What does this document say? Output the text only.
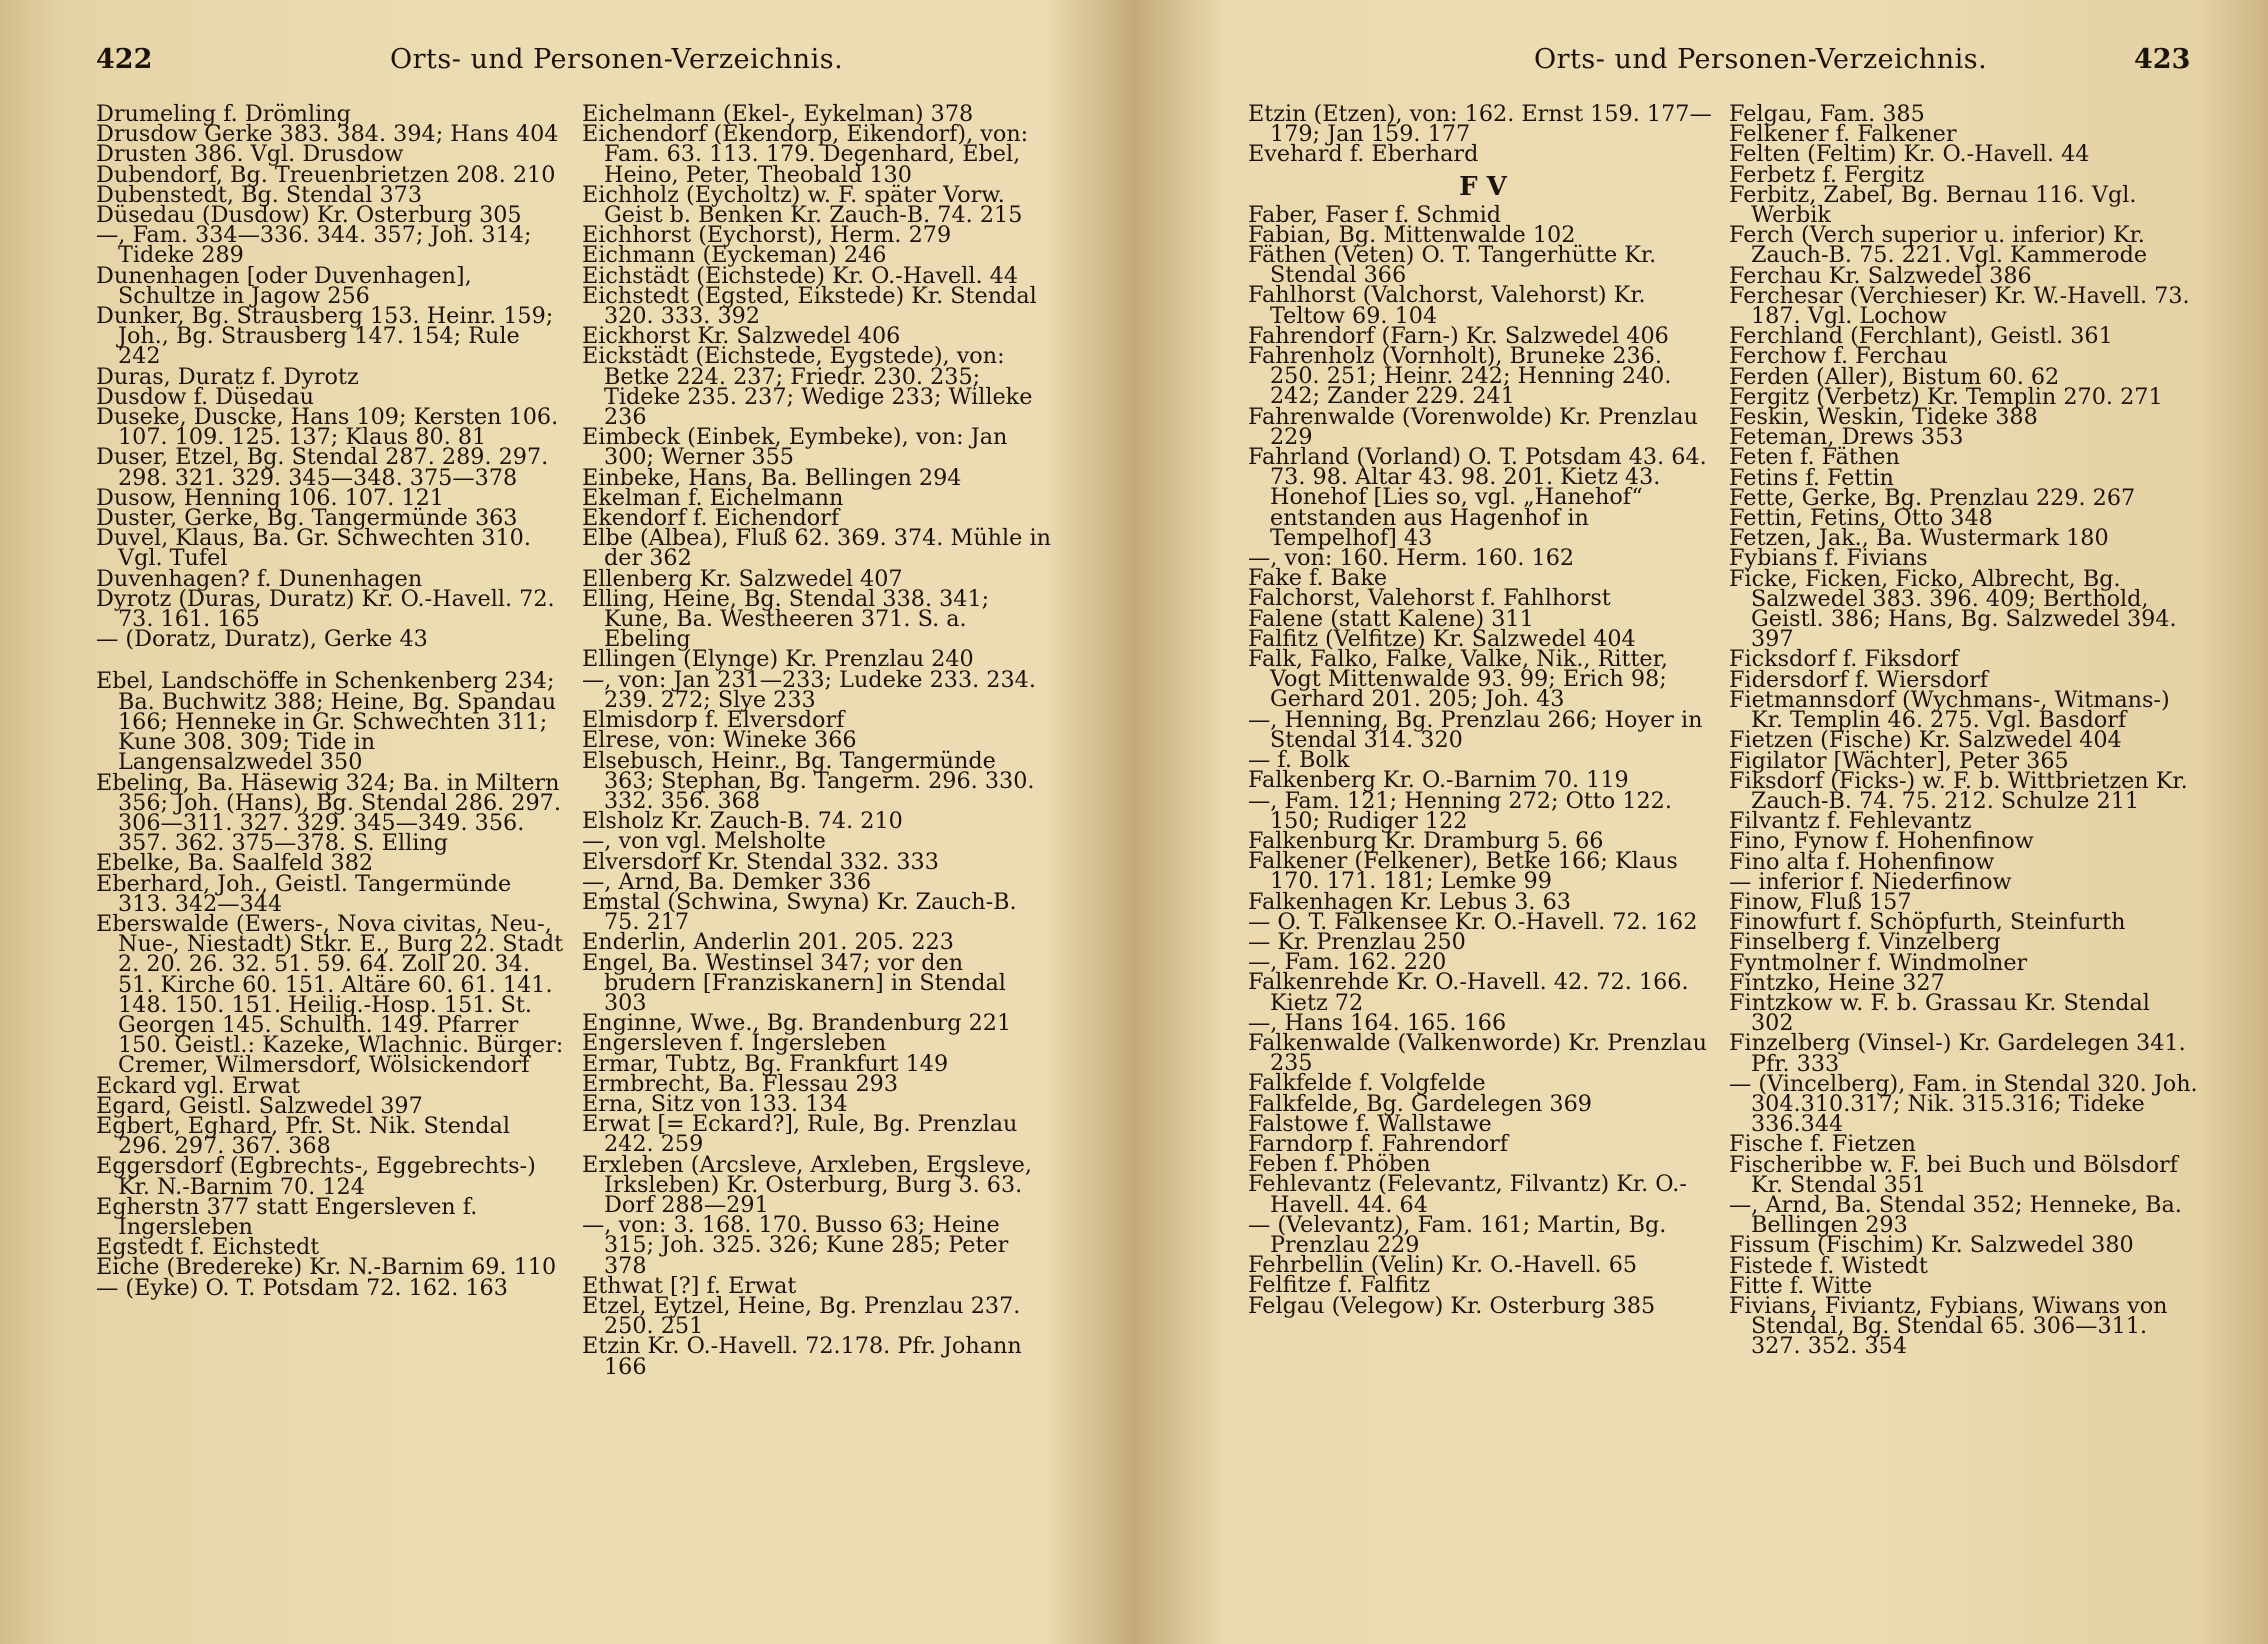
422	Orts- und Personen-Verzeichnis.

Drumeling f. Drömling

Drusdow Gerke 383. 384. 394; Hans 404

Drusten 386. Vgl. Drusdow

Dubendorf, Bg. Treuenbrietzen 208. 210

Dubenstedt, Bg. Stendal 373

Düsedau (Dusdow) Kr. Osterburg 305

—, Fam. 334—336. 344. 357; Joh. 314; Tideke 289

Dunenhagen [oder Duvenhagen], Schultze in Jagow 256

Dunker, Bg. Strausberg 153. Heinr. 159; Joh., Bg. Strausberg 147. 154; Rule 242

Duras, Duratz f. Dyrotz

Dusdow f. Düsedau

Duseke, Duscke, Hans 109; Kersten 106. 107. 109. 125. 137; Klaus 80. 81

Duser, Etzel, Bg. Stendal 287. 289. 297. 298. 321. 329. 345—348. 375—378

Dusow, Henning 106. 107. 121

Duster, Gerke, Bg. Tangermünde 363

Duvel, Klaus, Ba. Gr. Schwechten 310. Vgl. Tufel

Duvenhagen? f. Dunenhagen

Dyrotz (Duras, Duratz) Kr. O.-Havell. 72. 73. 161. 165

— (Doratz, Duratz), Gerke 43

Ebel, Landschöffe in Schenkenberg 234; Ba. Buchwitz 388; Heine, Bg. Spandau 166; Henneke in Gr. Schwechten 311; Kune 308. 309; Tide in Langensalzwedel 350

Ebeling, Ba. Häsewig 324; Ba. in Miltern 356; Joh. (Hans), Bg. Stendal 286. 297. 306—311. 327. 329. 345—349. 356. 357. 362. 375—378. S. Elling

Ebelke, Ba. Saalfeld 382

Eberhard, Joh., Geistl. Tangermünde 313. 342—344

Eberswalde (Ewers-, Nova civitas, Neu-, Nue-, Niestadt) Stkr. E., Burg 22. Stadt 2. 20. 26. 32. 51. 59. 64. Zoll 20. 34. 51. Kirche 60. 151. Altäre 60. 61. 141. 148. 150. 151. Heilig.-Hosp. 151. St. Georgen 145. Schulth. 149. Pfarrer 150. Geistl.: Kazeke, Wlachnic. Bürger: Cremer, Wilmersdorf, Wölsickendorf

Eckard vgl. Erwat

Egard, Geistl. Salzwedel 397

Egbert, Eghard, Pfr. St. Nik. Stendal 296. 297. 367. 368

Eggersdorf (Egbrechts-, Eggebrechts-) Kr. N.-Barnim 70. 124

Egherstn 377 statt Engersleven f. Ingersleben

Egstedt f. Eichstedt

Eiche (Brederekе) Kr. N.-Barnim 69. 110

— (Eyke) O. T. Potsdam 72. 162. 163

Eichelmann (Ekel-, Eykelman) 378

Eichendorf (Ekendorp, Eikendorf), von: Fam. 63. 113. 179. Degenhard, Ebel, Heino, Peter, Theobald 130

Eichholz (Eycholtz) w. F. später Vorw. Geist b. Benken Kr. Zauch-B. 74. 215

Eichhorst (Eychorst), Herm. 279

Eichmann (Eyckeman) 246

Eichstädt (Eichstede) Kr. O.-Havell. 44

Eichstedt (Egsted, Eikstede) Kr. Stendal 320. 333. 392

Eickhorst Kr. Salzwedel 406

Eickstädt (Eichstede, Eygstede), von: Betke 224. 237; Friedr. 230. 235; Tideke 235. 237; Wedige 233; Willeke 236

Eimbeck (Einbek, Eymbeke), von: Jan 300; Werner 355

Einbeke, Hans, Ba. Bellingen 294

Ekelman f. Eichelmann

Ekendorf f. Eichendorf

Elbe (Albea), Fluß 62. 369. 374. Mühle in der 362

Ellenberg Kr. Salzwedel 407

Elling, Heine, Bg. Stendal 338. 341; Kune, Ba. Westheeren 371. S. a. Ebeling

Ellingen (Elynge) Kr. Prenzlau 240

—, von: Jan 231—233; Ludeke 233. 234. 239. 272; Slye 233

Elmisdorp f. Elversdorf

Elrese, von: Wineke 366

Elsebusch, Heinr., Bg. Tangermünde 363; Stephan, Bg. Tangerm. 296. 330. 332. 356. 368

Elsholz Kr. Zauch-B. 74. 210

—, von vgl. Melsholte

Elversdorf Kr. Stendal 332. 333

—, Arnd, Ba. Demker 336

Emstal (Schwina, Swyna) Kr. Zauch-B. 75. 217

Enderlin, Anderlin 201. 205. 223

Engel, Ba. Westinsel 347; vor den brudern [Franziskanern] in Stendal 303

Enginne, Wwe., Bg. Brandenburg 221

Engersleven f. Ingersleben

Ermar, Tubtz, Bg. Frankfurt 149

Ermbrecht, Ba. Flessau 293

Erna, Sitz von 133. 134

Erwat [= Eckard?], Rule, Bg. Prenzlau 242. 259

Erxleben (Arcsleve, Arxleben, Ergsleve, Irksleben) Kr. Osterburg, Burg 3. 63. Dorf 288—291

—, von: 3. 168. 170. Busso 63; Heine 315; Joh. 325. 326; Kune 285; Peter 378

Ethwat [?] f. Erwat

Etzel, Eytzel, Heine, Bg. Prenzlau 237. 250. 251

Etzin Kr. O.-Havell. 72.178. Pfr. Johann 166

Orts- und Personen-Verzeichnis.	423

Etzin (Etzen), von: 162. Ernst 159. 177—179; Jan 159. 177

Evehard f. Eberhard

F V

Faber, Faser f. Schmid

Fabian, Bg. Mittenwalde 102

Fäthen (Veten) O. T. Tangerhütte Kr. Stendal 366

Fahlhorst (Valchorst, Valehorst) Kr. Teltow 69. 104

Fahrendorf (Farn-) Kr. Salzwedel 406

Fahrenholz (Vornholt), Bruneke 236. 250. 251; Heinr. 242; Henning 240. 242; Zander 229. 241

Fahrenwalde (Vorenwolde) Kr. Prenzlau 229

Fahrland (Vorland) O. T. Potsdam 43. 64. 73. 98. Altar 43. 98. 201. Kietz 43. Honehof [Lies so, vgl. „Hanehof“ entstanden aus Hagenhof in Tempelhof] 43

—, von: 160. Herm. 160. 162

Fake f. Bake

Falchorst, Valehorst f. Fahlhorst

Falene (statt Kalene) 311

Falfitz (Velfitze) Kr. Salzwedel 404

Falk, Falko, Falke, Valke, Nik., Ritter, Vogt Mittenwalde 93. 99; Erich 98; Gerhard 201. 205; Joh. 43

—, Henning, Bg. Prenzlau 266; Hoyer in Stendal 314. 320

— f. Bolk

Falkenberg Kr. O.-Barnim 70. 119

—, Fam. 121; Henning 272; Otto 122. 150; Rudiger 122

Falkenburg Kr. Dramburg 5. 66

Falkener (Felkener), Betke 166; Klaus 170. 171. 181; Lemke 99

Falkenhagen Kr. Lebus 3. 63

— O. T. Falkensee Kr. O.-Havell. 72. 162

— Kr. Prenzlau 250

—, Fam. 162. 220

Falkenrehde Kr. O.-Havell. 42. 72. 166. Kietz 72

—, Hans 164. 165. 166

Falkenwalde (Valkenworde) Kr. Prenzlau 235

Falkfelde f. Volgfelde

Falkfelde, Bg. Gardelegen 369

Falstowe f. Wallstawe

Farndorp f. Fahrendorf

Feben f. Phöben

Fehlevantz (Felevantz, Filvantz) Kr. O.-Havell. 44. 64

— (Velevantz), Fam. 161; Martin, Bg. Prenzlau 229

Fehrbellin (Velin) Kr. O.-Havell. 65

Felfitze f. Falfitz

Felgau (Velegow) Kr. Osterburg 385

Felgau, Fam. 385

Felkener f. Falkener

Felten (Feltim) Kr. O.-Havell. 44

Ferbetz f. Fergitz

Ferbitz, Zabel, Bg. Bernau 116. Vgl. Werbik

Ferch (Verch superior u. inferior) Kr. Zauch-B. 75. 221. Vgl. Kammerode

Ferchau Kr. Salzwedel 386

Ferchesar (Verchieser) Kr. W.-Havell. 73. 187. Vgl. Lochow

Ferchland (Ferchlant), Geistl. 361

Ferchow f. Ferchau

Ferden (Aller), Bistum 60. 62

Fergitz (Verbetz) Kr. Templin 270. 271

Feskin, Weskin, Tideke 388

Feteman, Drews 353

Feten f. Fäthen

Fetins f. Fettin

Fette, Gerke, Bg. Prenzlau 229. 267

Fettin, Fetins, Otto 348

Fetzen, Jak., Ba. Wustermark 180

Fybians f. Fivians

Ficke, Ficken, Ficko, Albrecht, Bg. Salzwedel 383. 396. 409; Berthold, Geistl. 386; Hans, Bg. Salzwedel 394. 397

Ficksdorf f. Fiksdorf

Fidersdorf f. Wiersdorf

Fietmannsdorf (Wychmans-, Witmans-) Kr. Templin 46. 275. Vgl. Basdorf

Fietzen (Fische) Kr. Salzwedel 404

Figilator [Wächter], Peter 365

Fiksdorf (Ficks-) w. F. b. Wittbrietzen Kr. Zauch-B. 74. 75. 212. Schulze 211

Filvantz f. Fehlevantz

Fino, Fynow f. Hohenfinow

Fino alta f. Hohenfinow

— inferior f. Niederfinow

Finow, Fluß 157

Finowfurt f. Schöpfurth, Steinfurth

Finselberg f. Vinzelberg

Fyntmolner f. Windmolner

Fintzko, Heine 327

Fintzkow w. F. b. Grassau Kr. Stendal 302

Finzelberg (Vinsel-) Kr. Gardelegen 341. Pfr. 333

— (Vincelberg), Fam. in Stendal 320. Joh. 304.310.317; Nik. 315.316; Tideke 336.344

Fische f. Fietzen

Fischeribbe w. F. bei Buch und Bölsdorf Kr. Stendal 351

—, Arnd, Ba. Stendal 352; Henneke, Ba. Bellingen 293

Fissum (Fischim) Kr. Salzwedel 380

Fistede f. Wistedt

Fitte f. Witte

Fivians, Fiviantz, Fybians, Wiwans von Stendal, Bg. Stendal 65. 306—311. 327. 352. 354
